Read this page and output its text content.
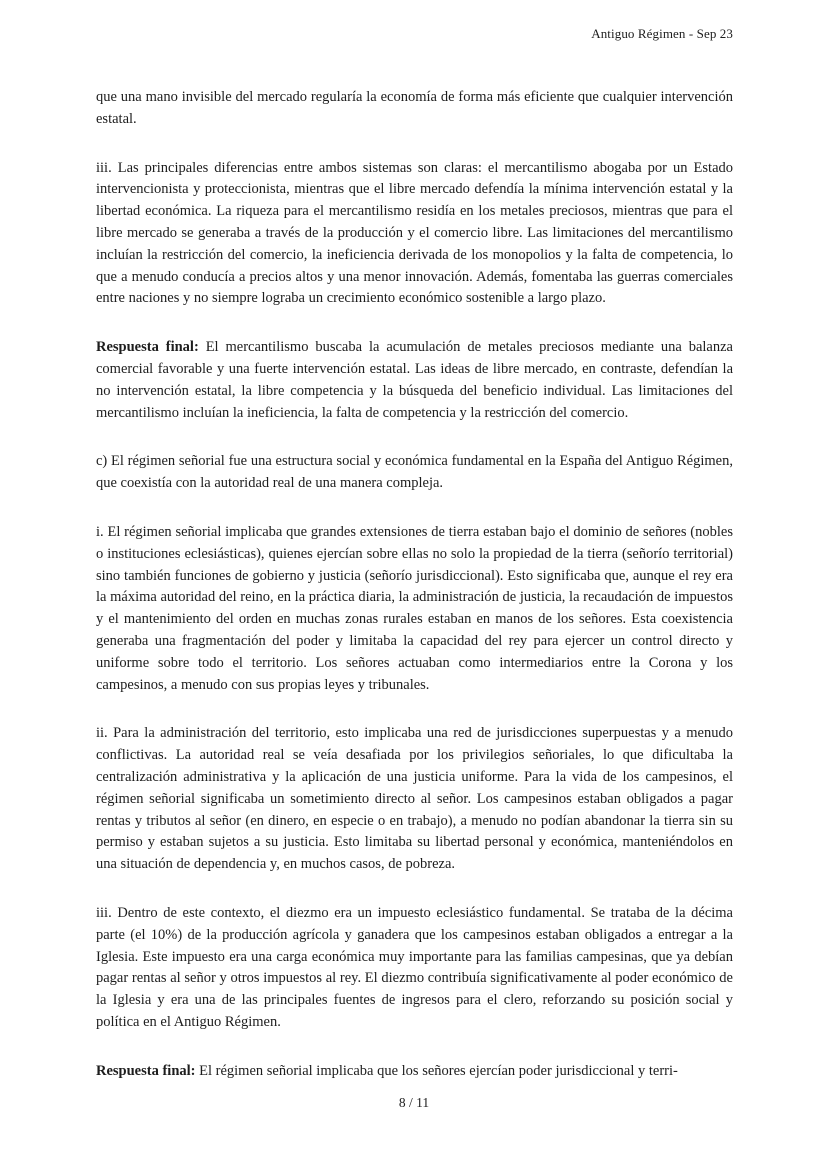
Antiguo Régimen - Sep 23

que una mano invisible del mercado regularía la economía de forma más eficiente que cualquier intervención estatal.

iii. Las principales diferencias entre ambos sistemas son claras: el mercantilismo abogaba por un Estado intervencionista y proteccionista, mientras que el libre mercado defendía la mínima intervención estatal y la libertad económica. La riqueza para el mercantilismo residía en los metales preciosos, mientras que para el libre mercado se generaba a través de la producción y el comercio libre. Las limitaciones del mercantilismo incluían la restricción del comercio, la ineficiencia derivada de los monopolios y la falta de competencia, lo que a menudo conducía a precios altos y una menor innovación. Además, fomentaba las guerras comerciales entre naciones y no siempre lograba un crecimiento económico sostenible a largo plazo.

Respuesta final: El mercantilismo buscaba la acumulación de metales preciosos mediante una balanza comercial favorable y una fuerte intervención estatal. Las ideas de libre mercado, en contraste, defendían la no intervención estatal, la libre competencia y la búsqueda del beneficio individual. Las limitaciones del mercantilismo incluían la ineficiencia, la falta de competencia y la restricción del comercio.

c) El régimen señorial fue una estructura social y económica fundamental en la España del Antiguo Régimen, que coexistía con la autoridad real de una manera compleja.

i. El régimen señorial implicaba que grandes extensiones de tierra estaban bajo el dominio de señores (nobles o instituciones eclesiásticas), quienes ejercían sobre ellas no solo la propiedad de la tierra (señorío territorial) sino también funciones de gobierno y justicia (señorío jurisdiccional). Esto significaba que, aunque el rey era la máxima autoridad del reino, en la práctica diaria, la administración de justicia, la recaudación de impuestos y el mantenimiento del orden en muchas zonas rurales estaban en manos de los señores. Esta coexistencia generaba una fragmentación del poder y limitaba la capacidad del rey para ejercer un control directo y uniforme sobre todo el territorio. Los señores actuaban como intermediarios entre la Corona y los campesinos, a menudo con sus propias leyes y tribunales.

ii. Para la administración del territorio, esto implicaba una red de jurisdicciones superpuestas y a menudo conflictivas. La autoridad real se veía desafiada por los privilegios señoriales, lo que dificultaba la centralización administrativa y la aplicación de una justicia uniforme. Para la vida de los campesinos, el régimen señorial significaba un sometimiento directo al señor. Los campesinos estaban obligados a pagar rentas y tributos al señor (en dinero, en especie o en trabajo), a menudo no podían abandonar la tierra sin su permiso y estaban sujetos a su justicia. Esto limitaba su libertad personal y económica, manteniéndolos en una situación de dependencia y, en muchos casos, de pobreza.

iii. Dentro de este contexto, el diezmo era un impuesto eclesiástico fundamental. Se trataba de la décima parte (el 10%) de la producción agrícola y ganadera que los campesinos estaban obligados a entregar a la Iglesia. Este impuesto era una carga económica muy importante para las familias campesinas, que ya debían pagar rentas al señor y otros impuestos al rey. El diezmo contribuía significativamente al poder económico de la Iglesia y era una de las principales fuentes de ingresos para el clero, reforzando su posición social y política en el Antiguo Régimen.

Respuesta final: El régimen señorial implicaba que los señores ejercían poder jurisdiccional y terri-

8 / 11
